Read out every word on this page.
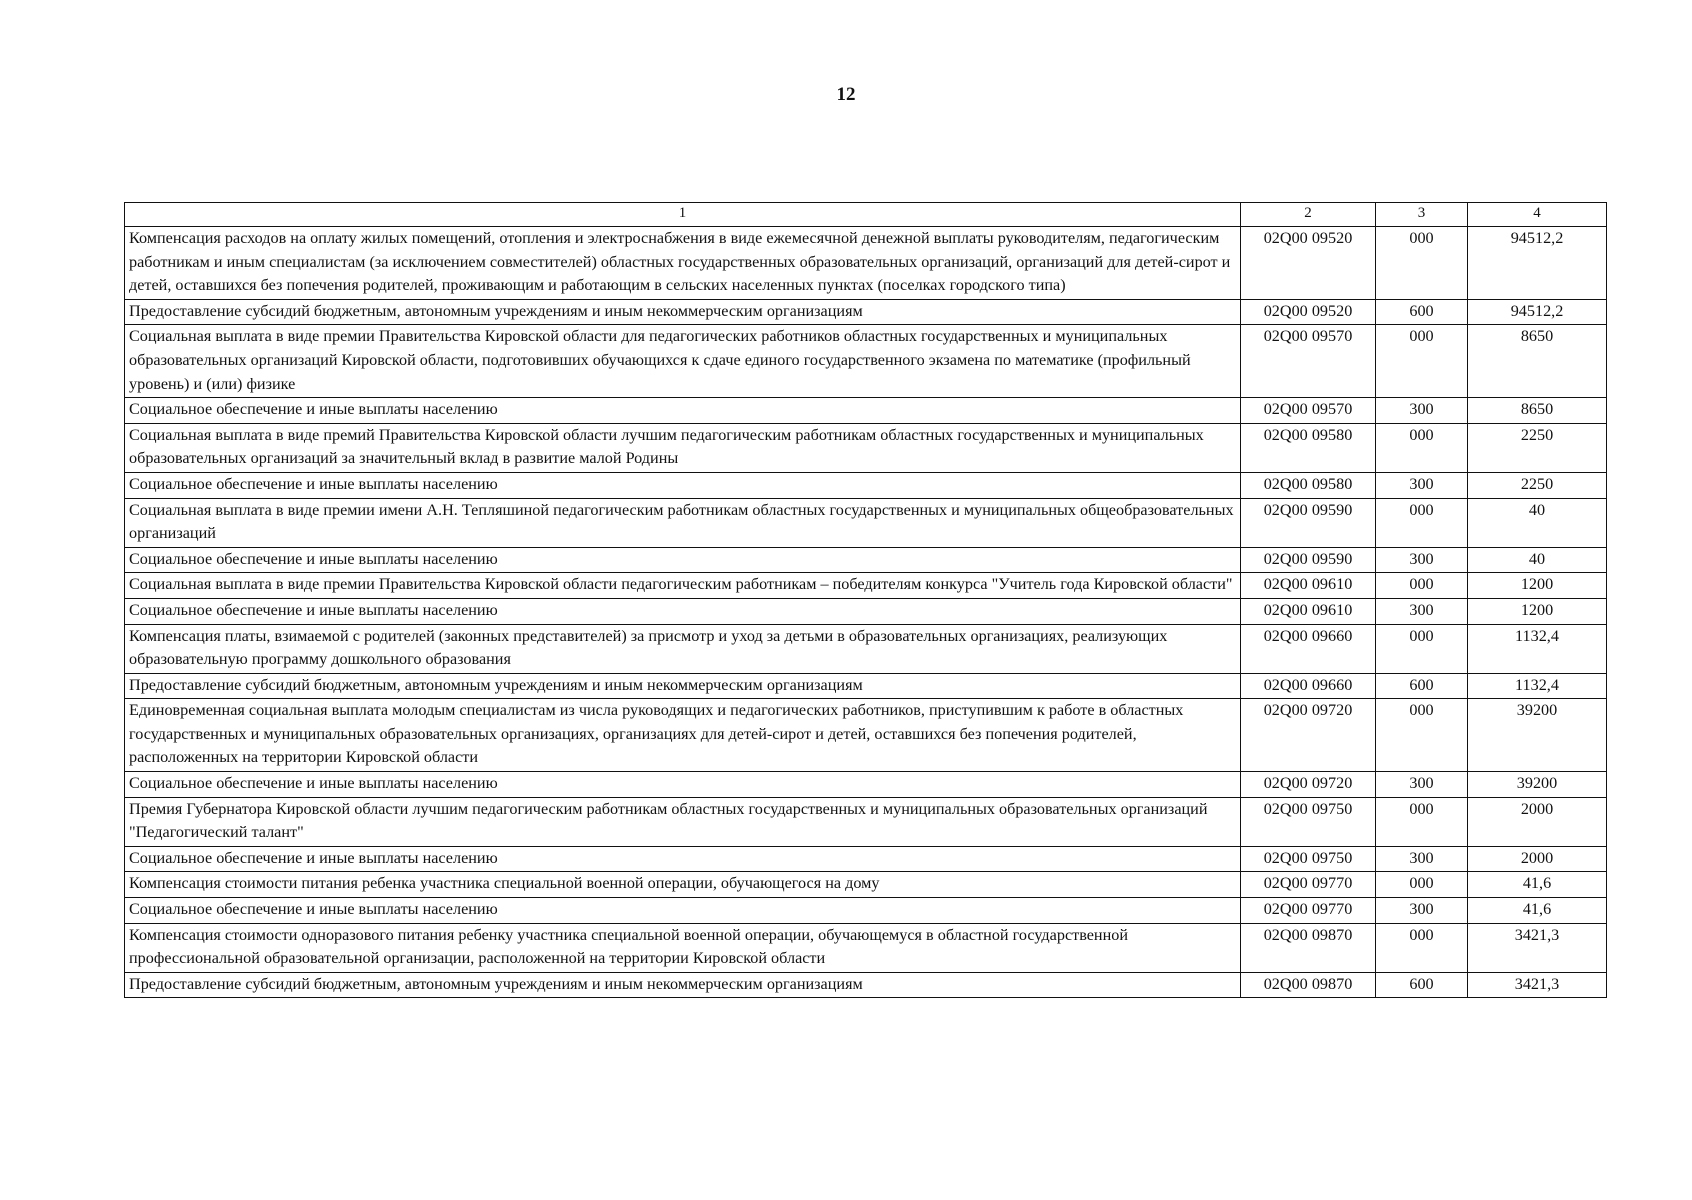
12
1	2	3	4
Компенсация расходов на оплату жилых помещений, отопления и электроснабжения в виде ежемесячной денежной выплаты руководителям, педагогическим работникам и иным специалистам (за исключением совместителей) областных государственных образовательных организаций, организаций для детей-сирот и детей, оставшихся без попечения родителей, проживающим и работающим в сельских населенных пунктах (поселках городского типа)	02Q00 09520	000	94512,2
Предоставление субсидий бюджетным, автономным учреждениям и иным некоммерческим организациям	02Q00 09520	600	94512,2
Социальная выплата в виде премии Правительства Кировской области для педагогических работников областных государственных и муниципальных образовательных организаций Кировской области, подготовивших обучающихся к сдаче единого государственного экзамена по математике (профильный уровень) и (или) физике	02Q00 09570	000	8650
Социальное обеспечение и иные выплаты населению	02Q00 09570	300	8650
Социальная выплата в виде премий Правительства Кировской области лучшим педагогическим работникам областных государственных и муниципальных образовательных организаций за значительный вклад в развитие малой Родины	02Q00 09580	000	2250
Социальное обеспечение и иные выплаты населению	02Q00 09580	300	2250
Социальная выплата в виде премии имени А.Н. Тепляшиной педагогическим работникам областных государственных и муниципальных общеобразовательных организаций	02Q00 09590	000	40
Социальное обеспечение и иные выплаты населению	02Q00 09590	300	40
Социальная выплата в виде премии Правительства Кировской области педагогическим работникам – победителям конкурса "Учитель года Кировской области"	02Q00 09610	000	1200
Социальное обеспечение и иные выплаты населению	02Q00 09610	300	1200
Компенсация платы, взимаемой с родителей (законных представителей) за присмотр и уход за детьми в образовательных организациях, реализующих образовательную программу дошкольного образования	02Q00 09660	000	1132,4
Предоставление субсидий бюджетным, автономным учреждениям и иным некоммерческим организациям	02Q00 09660	600	1132,4
Единовременная социальная выплата молодым специалистам из числа руководящих и педагогических работников, приступившим к работе в областных государственных и муниципальных образовательных организациях, организациях для детей-сирот и детей, оставшихся без попечения родителей, расположенных на территории Кировской области	02Q00 09720	000	39200
Социальное обеспечение и иные выплаты населению	02Q00 09720	300	39200
Премия Губернатора Кировской области лучшим педагогическим работникам областных государственных и муниципальных образовательных организаций "Педагогический талант"	02Q00 09750	000	2000
Социальное обеспечение и иные выплаты населению	02Q00 09750	300	2000
Компенсация стоимости питания ребенка участника специальной военной операции, обучающегося на дому	02Q00 09770	000	41,6
Социальное обеспечение и иные выплаты населению	02Q00 09770	300	41,6
Компенсация стоимости одноразового питания ребенку участника специальной военной операции, обучающемуся в областной государственной профессиональной образовательной организации, расположенной на территории Кировской области	02Q00 09870	000	3421,3
Предоставление субсидий бюджетным, автономным учреждениям и иным некоммерческим организациям	02Q00 09870	600	3421,3
